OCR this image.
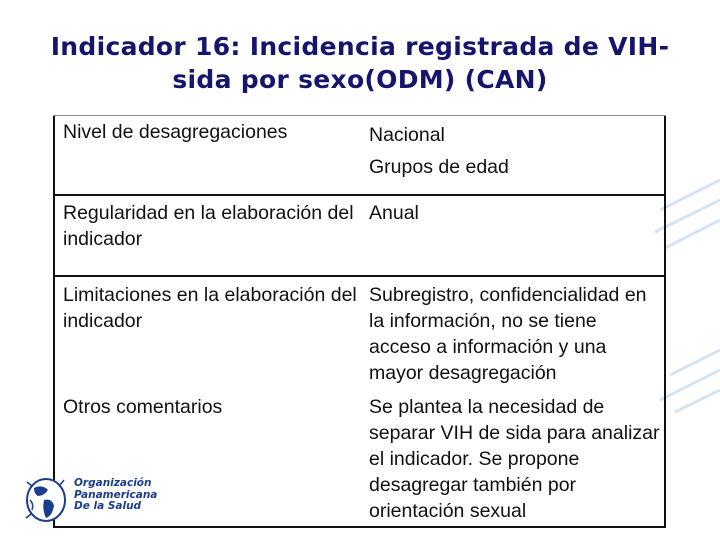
Indicador 16: Incidencia registrada de VIH-sida por sexo(ODM) (CAN)
Nivel de desagregaciones	Nacional
Grupos de edad
Regularidad en la elaboración del indicador
Anual
Limitaciones en la elaboración del indicador
Subregistro, confidencialidad en la información, no se tiene acceso a información y una mayor desagregación
Otros comentarios	Se plantea la necesidad de separar VIH de sida para analizar el indicador. Se propone desagregar también por orientación sexual
Organización
Panamericana
De la Salud
